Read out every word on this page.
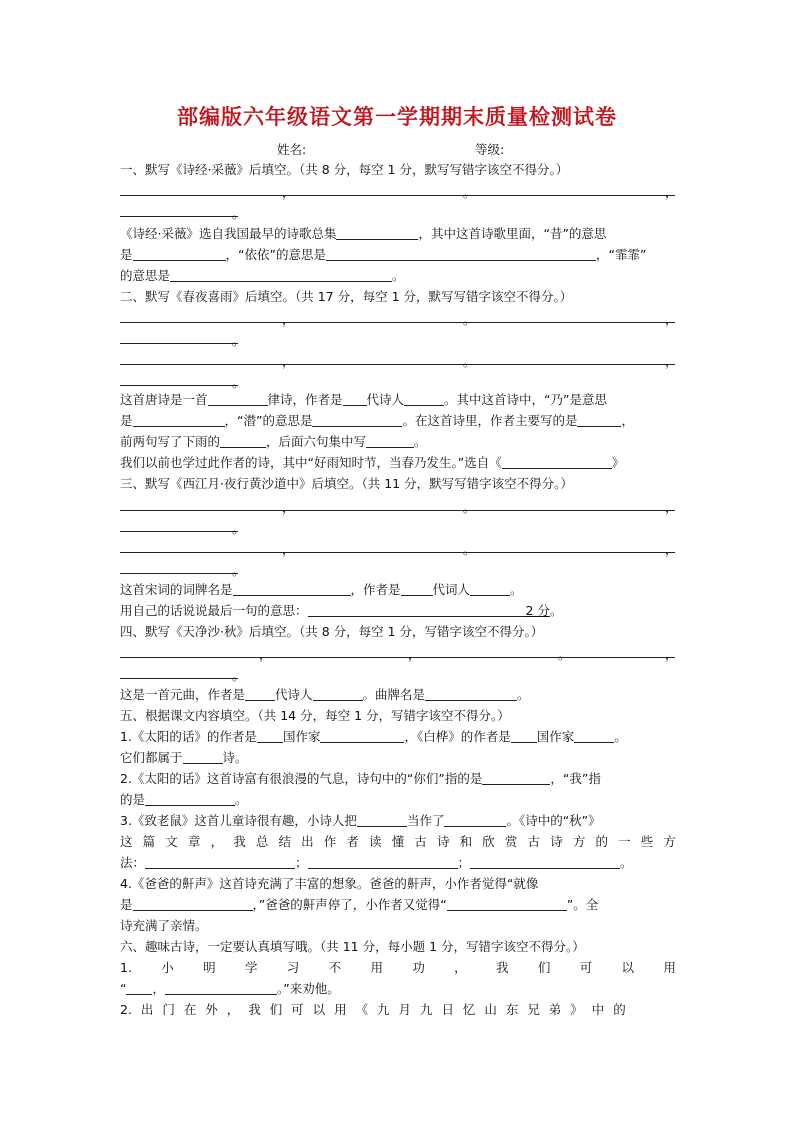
部编版六年级语文第一学期期末质量检测试卷
姓名:	等级:
一、默写《诗经·采薇》后填空。（共 8 分，每空 1 分，默写写错字该空不得分。）
，	。	，
。
《诗经·采薇》选自我国最早的诗歌总集	，其中这首诗歌里面，“昔”的意思
是	，“依依”的意思是	，“霏霏”
的意思是	。
二、默写《春夜喜雨》后填空。（共 17 分，每空 1 分，默写写错字该空不得分。）
，	。	，
。
，	。	，
。
这首唐诗是一首	律诗，作者是 代诗人	。其中这首诗中，“乃”是意思
是	，“潜”的意思是	。在这首诗里，作者主要写的是	，
前两句写了下雨的	，后面六句集中写	。
我们以前也学过此作者的诗，其中“好雨知时节，当春乃发生。”选自《	》
三、默写《西江月·夜行黄沙道中》后填空。（共 11 分，默写写错字该空不得分。）
，	。	，
。
，	。	，
。
这首宋词的词牌名是	，作者是	代词人	。
用自己的话说说最后一句的意思：	2 分。
四、默写《天净沙·秋》后填空。（共 8 分，每空 1 分，写错字该空不得分。）
，	，	。	，
。
这是一首元曲，作者是 代诗人	。曲牌名是	。
五、根据课文内容填空。（共 14 分，每空 1 分，写错字该空不得分。）
1.《太阳的话》的作者是 国作家	，《白桦》的作者是 国作家	。
它们都属于	诗。
2.《太阳的话》这首诗富有很浪漫的气息，诗句中的“你们”指的是	，“我”指
的是	。
3.《致老鼠》这首儿童诗很有趣，小诗人把	当作了	。《诗中的“秋”》
这 篇 文 章 ， 我 总 结 出 作 者 读 懂 古 诗 和 欣 赏 古 诗 方 的 一 些 方
法：	；	；	。
4.《爸爸的鼾声》这首诗充满了丰富的想象。爸爸的鼾声，小作者觉得“就像
是	，”爸爸的鼾声停了，小作者又觉得“	”。全
诗充满了亲情。
六、趣味古诗，一定要认真填写哦。（共 11 分，每小题 1 分，写错字该空不得分。）
1. 小 明 学 习 不 用 功 ， 我 们 可 以 用
“ ，	。”来劝他。
2. 出 门 在 外 ， 我 们 可 以 用 《 九 月 九 日 忆 山 东 兄 弟 》 中 的
